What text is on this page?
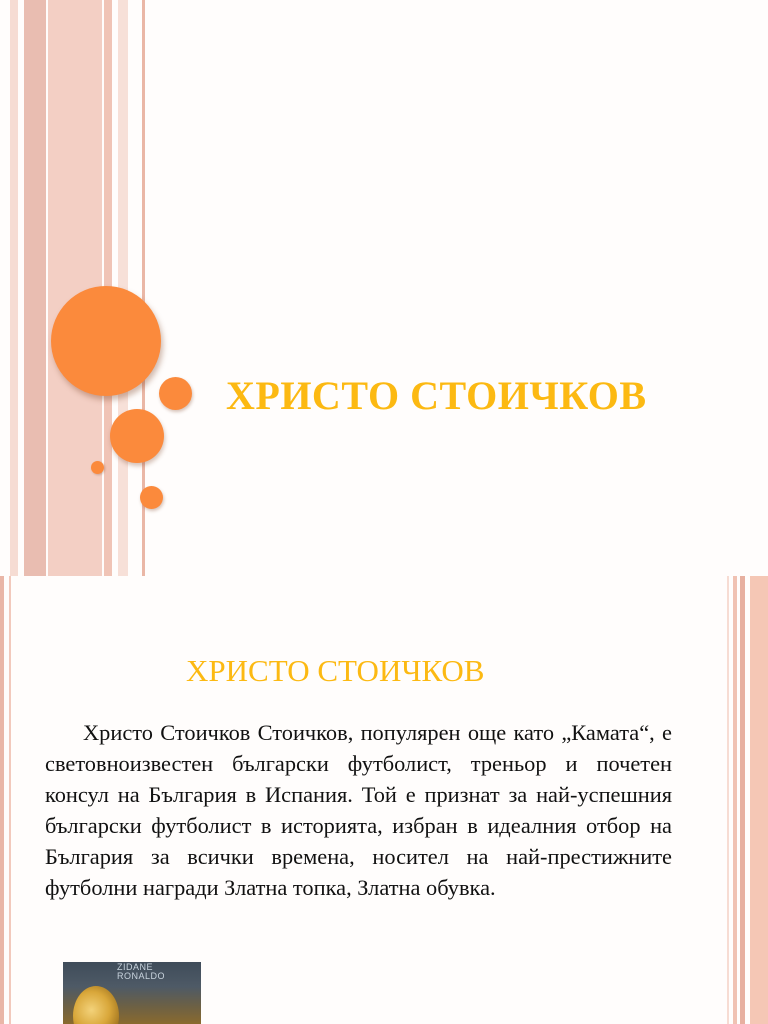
ХРИСТО СТОИЧКОВ
ХРИСТО СТОИЧКОВ
Христо Стоичков Стоичков, популярен още като „Камата“, е световноизвестен български футболист, треньор и почетен консул на България в Испания. Той е признат за най-успешния български футболист в историята, избран в идеалния отбор на България за всички времена, носител на най-престижните футболни награди Златна топка, Златна обувка.
ZIDANE
RONALDO
